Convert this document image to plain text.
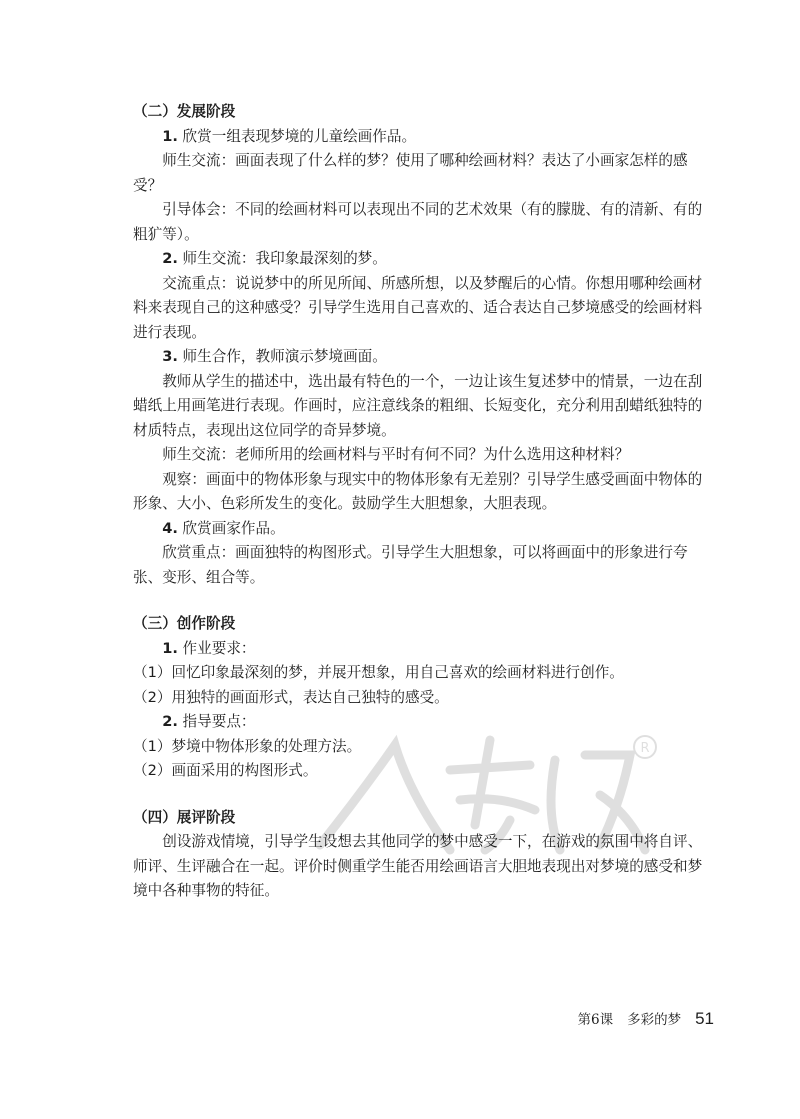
（二）发展阶段

1. 欣赏一组表现梦境的儿童绘画作品。

师生交流：画面表现了什么样的梦？使用了哪种绘画材料？表达了小画家怎样的感受？

引导体会：不同的绘画材料可以表现出不同的艺术效果（有的朦胧、有的清新、有的粗犷等）。

2. 师生交流：我印象最深刻的梦。

交流重点：说说梦中的所见所闻、所感所想，以及梦醒后的心情。你想用哪种绘画材料来表现自己的这种感受？引导学生选用自己喜欢的、适合表达自己梦境感受的绘画材料进行表现。

3. 师生合作，教师演示梦境画面。

教师从学生的描述中，选出最有特色的一个，一边让该生复述梦中的情景，一边在刮蜡纸上用画笔进行表现。作画时，应注意线条的粗细、长短变化，充分利用刮蜡纸独特的材质特点，表现出这位同学的奇异梦境。

师生交流：老师所用的绘画材料与平时有何不同？为什么选用这种材料？

观察：画面中的物体形象与现实中的物体形象有无差别？引导学生感受画面中物体的形象、大小、色彩所发生的变化。鼓励学生大胆想象，大胆表现。

4. 欣赏画家作品。

欣赏重点：画面独特的构图形式。引导学生大胆想象，可以将画面中的形象进行夸张、变形、组合等。

（三）创作阶段

1. 作业要求：

（1）回忆印象最深刻的梦，并展开想象，用自己喜欢的绘画材料进行创作。

（2）用独特的画面形式，表达自己独特的感受。

2. 指导要点：

（1）梦境中物体形象的处理方法。

（2）画面采用的构图形式。

（四）展评阶段

创设游戏情境，引导学生设想去其他同学的梦中感受一下，在游戏的氛围中将自评、师评、生评融合在一起。评价时侧重学生能否用绘画语言大胆地表现出对梦境的感受和梦境中各种事物的特征。

R
第6课 多彩的梦 51
